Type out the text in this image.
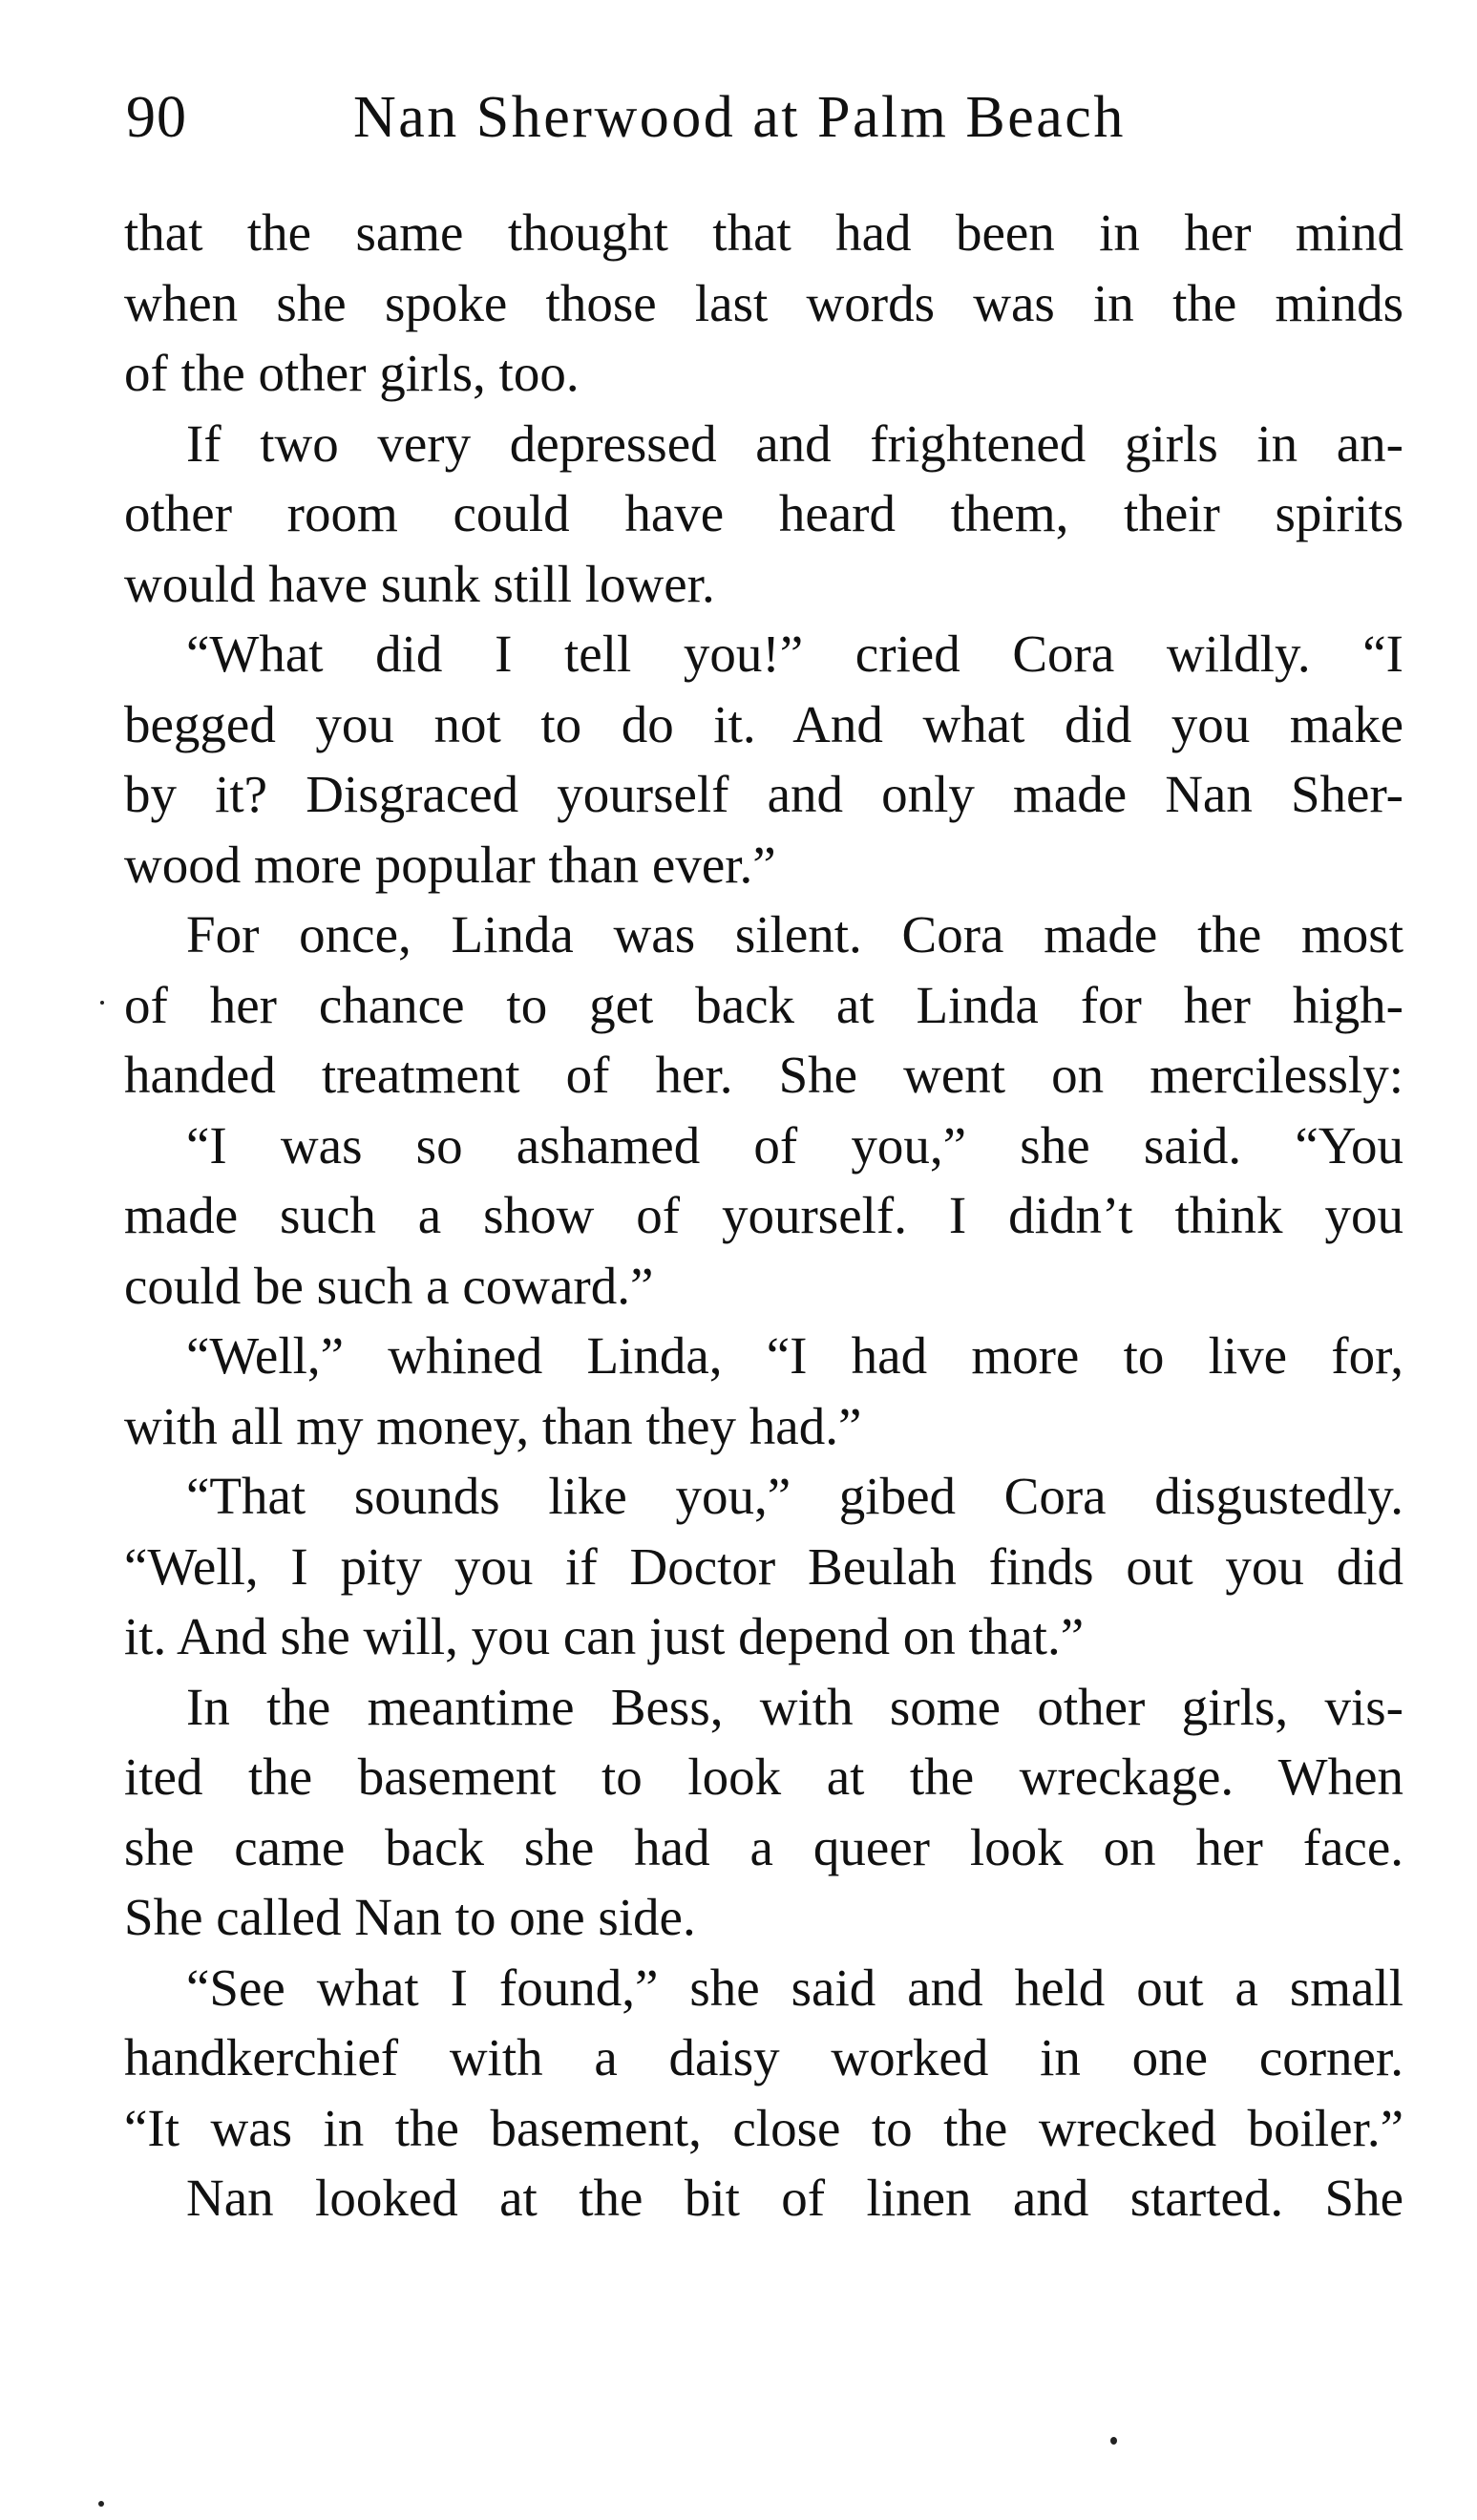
90	Nan Sherwood at Palm Beach
that the same thought that had been in her mind
when she spoke those last words was in the minds
of the other girls, too.
If two very depressed and frightened girls in an-
other room could have heard them, their spirits
would have sunk still lower.
“What did I tell you!” cried Cora wildly. “I
begged you not to do it. And what did you make
by it? Disgraced yourself and only made Nan Sher-
wood more popular than ever.”
For once, Linda was silent. Cora made the most
of her chance to get back at Linda for her high-
handed treatment of her. She went on mercilessly:
“I was so ashamed of you,” she said. “You
made such a show of yourself. I didn’t think you
could be such a coward.”
“Well,” whined Linda, “I had more to live for,
with all my money, than they had.”
“That sounds like you,” gibed Cora disgustedly.
“Well, I pity you if Doctor Beulah finds out you did
it. And she will, you can just depend on that.”
In the meantime Bess, with some other girls, vis-
ited the basement to look at the wreckage. When
she came back she had a queer look on her face.
She called Nan to one side.
“See what I found,” she said and held out a small
handkerchief with a daisy worked in one corner.
“It was in the basement, close to the wrecked boiler.”
Nan looked at the bit of linen and started. She
